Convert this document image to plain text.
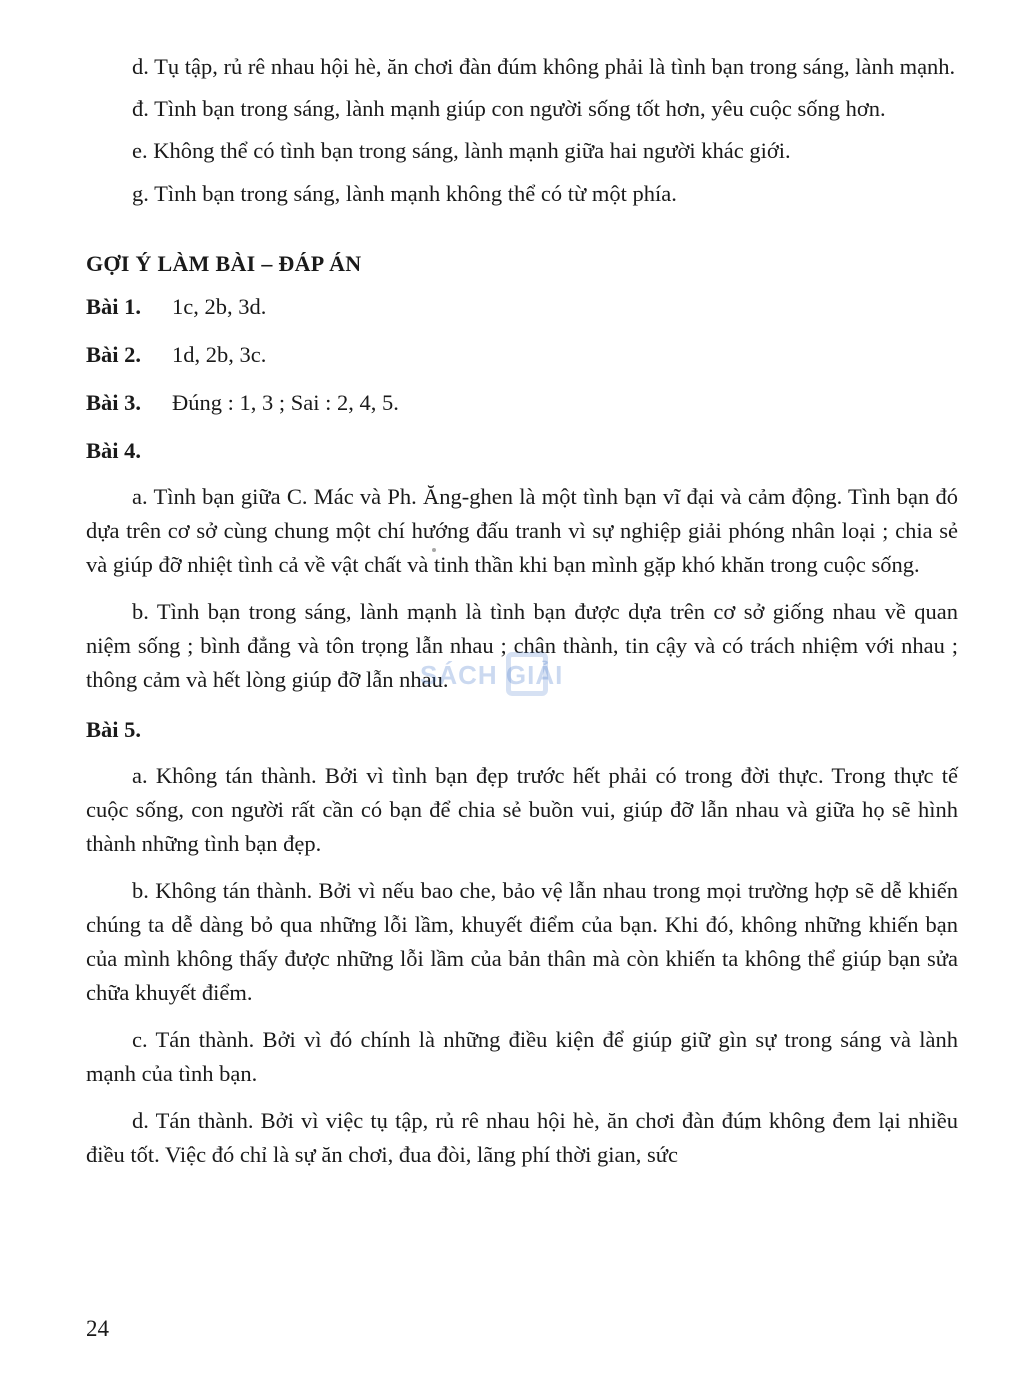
d. Tụ tập, rủ rê nhau hội hè, ăn chơi đàn đúm không phải là tình bạn trong sáng, lành mạnh.

đ. Tình bạn trong sáng, lành mạnh giúp con người sống tốt hơn, yêu cuộc sống hơn.

e. Không thể có tình bạn trong sáng, lành mạnh giữa hai người khác giới.

g. Tình bạn trong sáng, lành mạnh không thể có từ một phía.

GỢI Ý LÀM BÀI – ĐÁP ÁN

Bài 1. 1c, 2b, 3d.

Bài 2. 1d, 2b, 3c.

Bài 3. Đúng : 1, 3 ; Sai : 2, 4, 5.

Bài 4.

a. Tình bạn giữa C. Mác và Ph. Ăng-ghen là một tình bạn vĩ đại và cảm động. Tình bạn đó dựa trên cơ sở cùng chung một chí hướng đấu tranh vì sự nghiệp giải phóng nhân loại ; chia sẻ và giúp đỡ nhiệt tình cả về vật chất và tinh thần khi bạn mình gặp khó khăn trong cuộc sống.

b. Tình bạn trong sáng, lành mạnh là tình bạn được dựa trên cơ sở giống nhau về quan niệm sống ; bình đẳng và tôn trọng lẫn nhau ; chân thành, tin cậy và có trách nhiệm với nhau ; thông cảm và hết lòng giúp đỡ lẫn nhau.

Bài 5.

a. Không tán thành. Bởi vì tình bạn đẹp trước hết phải có trong đời thực. Trong thực tế cuộc sống, con người rất cần có bạn để chia sẻ buồn vui, giúp đỡ lẫn nhau và giữa họ sẽ hình thành những tình bạn đẹp.

b. Không tán thành. Bởi vì nếu bao che, bảo vệ lẫn nhau trong mọi trường hợp sẽ dễ khiến chúng ta dễ dàng bỏ qua những lỗi lầm, khuyết điểm của bạn. Khi đó, không những khiến bạn của mình không thấy được những lỗi lầm của bản thân mà còn khiến ta không thể giúp bạn sửa chữa khuyết điểm.

c. Tán thành. Bởi vì đó chính là những điều kiện để giúp giữ gìn sự trong sáng và lành mạnh của tình bạn.

d. Tán thành. Bởi vì việc tụ tập, rủ rê nhau hội hè, ăn chơi đàn đúm không đem lại nhiều điều tốt. Việc đó chỉ là sự ăn chơi, đua đòi, lãng phí thời gian, sức

SÁCH GIẢI
24
